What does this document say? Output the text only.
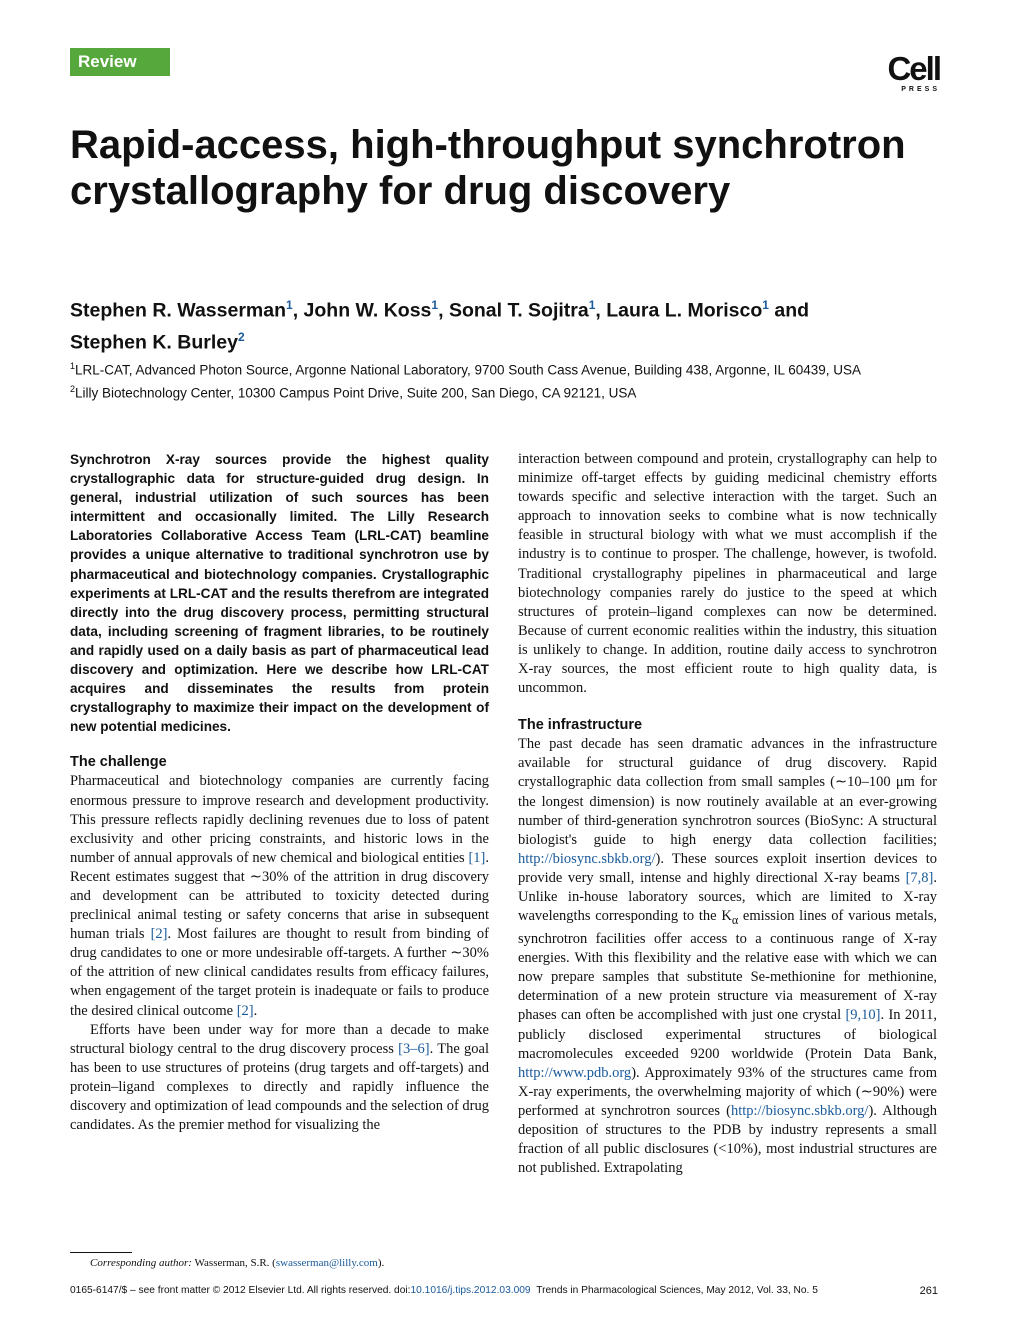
Review	Cell
PRESS
Rapid-access, high-throughput synchrotron crystallography for drug discovery
Stephen R. Wasserman$^1$, John W. Koss$^1$, Sonal T. Sojitra$^1$, Laura L. Morisco$^1$ and
Stephen K. Burley$^2$
$^1$LRL-CAT, Advanced Photon Source, Argonne National Laboratory, 9700 South Cass Avenue, Building 438, Argonne, IL 60439, USA
$^2$Lilly Biotechnology Center, 10300 Campus Point Drive, Suite 200, San Diego, CA 92121, USA

Synchrotron X-ray sources provide the highest quality crystallographic data for structure-guided drug design. In general, industrial utilization of such sources has been intermittent and occasionally limited. The Lilly Research Laboratories Collaborative Access Team (LRL-CAT) beamline provides a unique alternative to traditional synchrotron use by pharmaceutical and biotechnology companies. Crystallographic experiments at LRL-CAT and the results therefrom are integrated directly into the drug discovery process, permitting structural data, including screening of fragment libraries, to be routinely and rapidly used on a daily basis as part of pharmaceutical lead discovery and optimization. Here we describe how LRL-CAT acquires and disseminates the results from protein crystallography to maximize their impact on the development of new potential medicines.

The challenge

Pharmaceutical and biotechnology companies are currently facing enormous pressure to improve research and development productivity. This pressure reflects rapidly declining revenues due to loss of patent exclusivity and other pricing constraints, and historic lows in the number of annual approvals of new chemical and biological entities [1]. Recent estimates suggest that ∼30% of the attrition in drug discovery and development can be attributed to toxicity detected during preclinical animal testing or safety concerns that arise in subsequent human trials [2]. Most failures are thought to result from binding of drug candidates to one or more undesirable off-targets. A further ∼30% of the attrition of new clinical candidates results from efficacy failures, when engagement of the target protein is inadequate or fails to produce the desired clinical outcome [2].

Efforts have been under way for more than a decade to make structural biology central to the drug discovery process [3–6]. The goal has been to use structures of proteins (drug targets and off-targets) and protein–ligand complexes to directly and rapidly influence the discovery and optimization of lead compounds and the selection of drug candidates. As the premier method for visualizing the

interaction between compound and protein, crystallography can help to minimize off-target effects by guiding medicinal chemistry efforts towards specific and selective interaction with the target. Such an approach to innovation seeks to combine what is now technically feasible in structural biology with what we must accomplish if the industry is to continue to prosper. The challenge, however, is twofold. Traditional crystallography pipelines in pharmaceutical and large biotechnology companies rarely do justice to the speed at which structures of protein–ligand complexes can now be determined. Because of current economic realities within the industry, this situation is unlikely to change. In addition, routine daily access to synchrotron X-ray sources, the most efficient route to high quality data, is uncommon.

The infrastructure

The past decade has seen dramatic advances in the infrastructure available for structural guidance of drug discovery. Rapid crystallographic data collection from small samples (∼10–100 μm for the longest dimension) is now routinely available at an ever-growing number of third-generation synchrotron sources (BioSync: A structural biologist's guide to high energy data collection facilities; http://biosync.sbkb.org/). These sources exploit insertion devices to provide very small, intense and highly directional X-ray beams [7,8]. Unlike in-house laboratory sources, which are limited to X-ray wavelengths corresponding to the $K_\alpha$ emission lines of various metals, synchrotron facilities offer access to a continuous range of X-ray energies. With this flexibility and the relative ease with which we can now prepare samples that substitute Se-methionine for methionine, determination of a new protein structure via measurement of X-ray phases can often be accomplished with just one crystal [9,10]. In 2011, publicly disclosed experimental structures of biological macromolecules exceeded 9200 worldwide (Protein Data Bank, http://www.pdb.org). Approximately 93% of the structures came from X-ray experiments, the overwhelming majority of which (∼90%) were performed at synchrotron sources (http://biosync.sbkb.org/). Although deposition of structures to the PDB by industry represents a small fraction of all public disclosures (<10%), most industrial structures are not published. Extrapolating

Corresponding author: Wasserman, S.R. (swasserman@lilly.com).
0165-6147/$ – see front matter © 2012 Elsevier Ltd. All rights reserved. doi:10.1016/j.tips.2012.03.009 Trends in Pharmacological Sciences, May 2012, Vol. 33, No. 5	261
